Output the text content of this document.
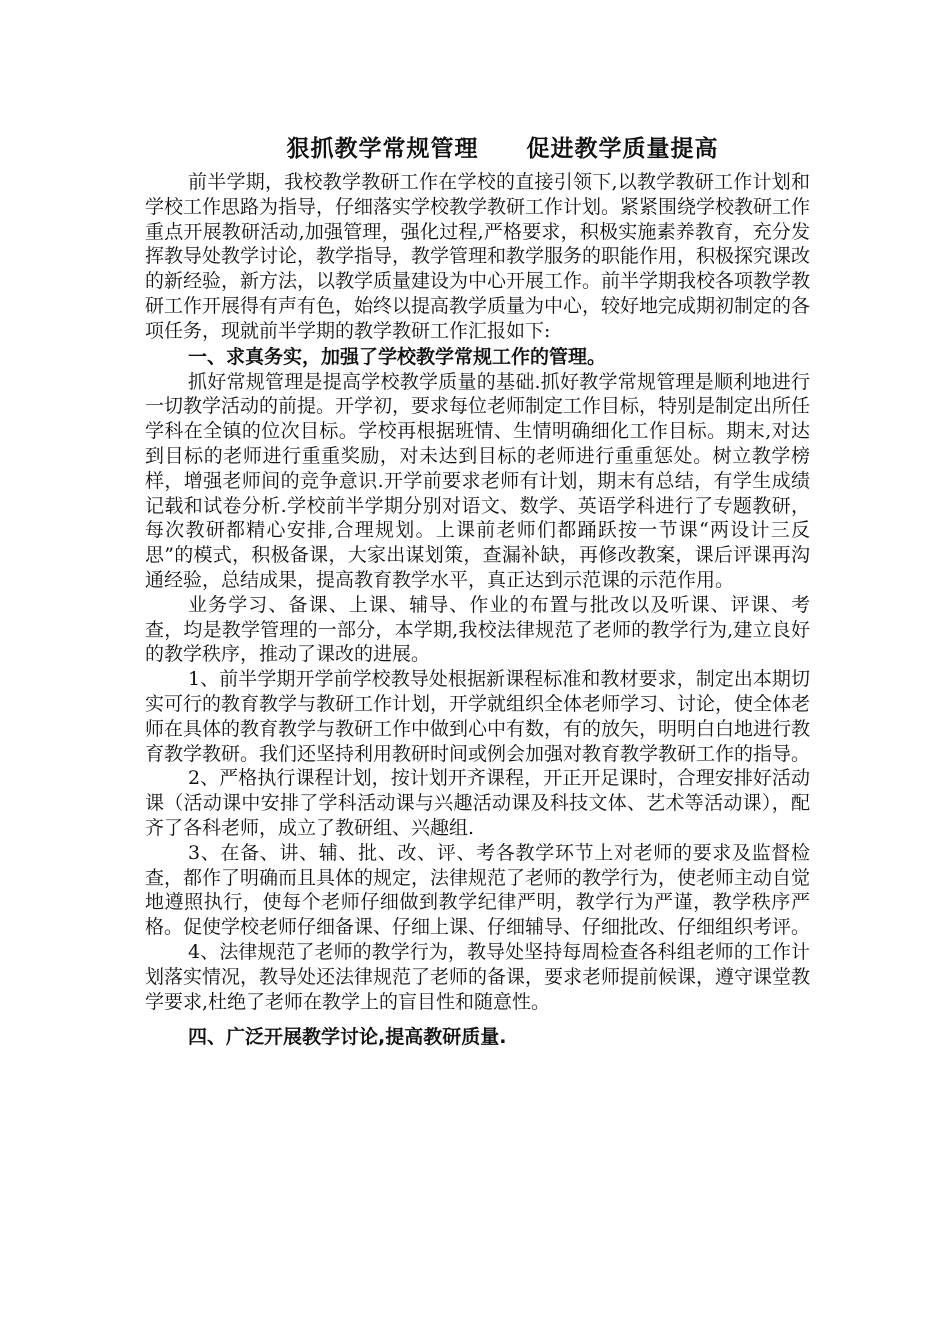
狠抓教学常规管理　　促进教学质量提高

前半学期，我校教学教研工作在学校的直接引领下,以教学教研工作计划和学校工作思路为指导，仔细落实学校教学教研工作计划。紧紧围绕学校教研工作重点开展教研活动,加强管理，强化过程,严格要求，积极实施素养教育，充分发挥教导处教学讨论，教学指导，教学管理和教学服务的职能作用，积极探究课改的新经验，新方法，以教学质量建设为中心开展工作。前半学期我校各项教学教研工作开展得有声有色，始终以提高教学质量为中心，较好地完成期初制定的各项任务，现就前半学期的教学教研工作汇报如下:

一、求真务实，加强了学校教学常规工作的管理。

抓好常规管理是提高学校教学质量的基础.抓好教学常规管理是顺利地进行一切教学活动的前提。开学初，要求每位老师制定工作目标，特别是制定出所任学科在全镇的位次目标。学校再根据班情、生情明确细化工作目标。期末,对达到目标的老师进行重重奖励，对未达到目标的老师进行重重惩处。树立教学榜样，增强老师间的竞争意识.开学前要求老师有计划，期末有总结，有学生成绩记载和试卷分析.学校前半学期分别对语文、数学、英语学科进行了专题教研，每次教研都精心安排,合理规划。上课前老师们都踊跃按一节课“两设计三反思”的模式，积极备课，大家出谋划策，查漏补缺，再修改教案，课后评课再沟通经验，总结成果，提高教育教学水平，真正达到示范课的示范作用。

业务学习、备课、上课、辅导、作业的布置与批改以及听课、评课、考查，均是教学管理的一部分，本学期,我校法律规范了老师的教学行为,建立良好的教学秩序，推动了课改的进展。

1、前半学期开学前学校教导处根据新课程标准和教材要求，制定出本期切实可行的教育教学与教研工作计划，开学就组织全体老师学习、讨论，使全体老师在具体的教育教学与教研工作中做到心中有数，有的放矢，明明白白地进行教育教学教研。我们还坚持利用教研时间或例会加强对教育教学教研工作的指导。

2、严格执行课程计划，按计划开齐课程，开正开足课时，合理安排好活动课（活动课中安排了学科活动课与兴趣活动课及科技文体、艺术等活动课），配齐了各科老师，成立了教研组、兴趣组.

3、在备、讲、辅、批、改、评、考各教学环节上对老师的要求及监督检查，都作了明确而且具体的规定，法律规范了老师的教学行为，使老师主动自觉地遵照执行，使每个老师仔细做到教学纪律严明，教学行为严谨，教学秩序严格。促使学校老师仔细备课、仔细上课、仔细辅导、仔细批改、仔细组织考评。

4、法律规范了老师的教学行为，教导处坚持每周检查各科组老师的工作计划落实情况，教导处还法律规范了老师的备课，要求老师提前候课，遵守课堂教学要求,杜绝了老师在教学上的盲目性和随意性。

四、广泛开展教学讨论,提高教研质量.
